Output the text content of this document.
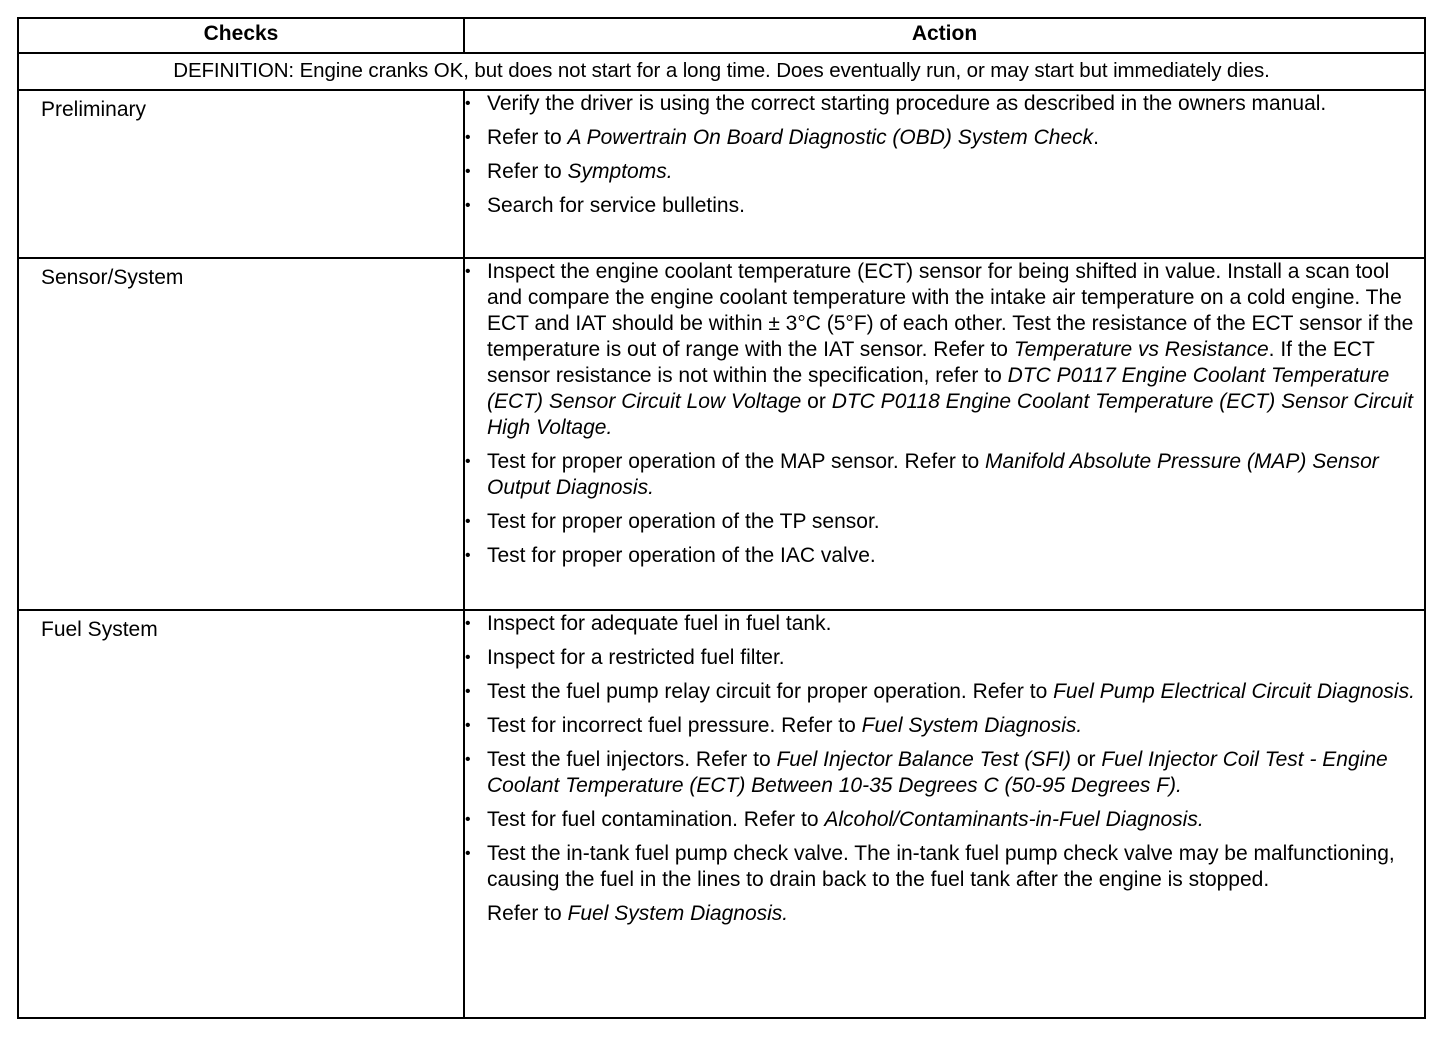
Checks	Action
DEFINITION: Engine cranks OK, but does not start for a long time. Does eventually run, or may start but immediately dies.	

Preliminary	• Verify the driver is using the correct starting procedure as described in the owners manual.
• Refer to A Powertrain On Board Diagnostic (OBD) System Check.
• Refer to Symptoms.
• Search for service bulletins.

Sensor/System	• Inspect the engine coolant temperature (ECT) sensor for being shifted in value. Install a scan tool and compare the engine coolant temperature with the intake air temperature on a cold engine. The ECT and IAT should be within ± 3°C (5°F) of each other. Test the resistance of the ECT sensor if the temperature is out of range with the IAT sensor. Refer to Temperature vs Resistance. If the ECT sensor resistance is not within the specification, refer to DTC P0117 Engine Coolant Temperature (ECT) Sensor Circuit Low Voltage or DTC P0118 Engine Coolant Temperature (ECT) Sensor Circuit High Voltage.
• Test for proper operation of the MAP sensor. Refer to Manifold Absolute Pressure (MAP) Sensor Output Diagnosis.
• Test for proper operation of the TP sensor.
• Test for proper operation of the IAC valve.

Fuel System	• Inspect for adequate fuel in fuel tank.
• Inspect for a restricted fuel filter.
• Test the fuel pump relay circuit for proper operation. Refer to Fuel Pump Electrical Circuit Diagnosis.
• Test for incorrect fuel pressure. Refer to Fuel System Diagnosis.
• Test the fuel injectors. Refer to Fuel Injector Balance Test (SFI) or Fuel Injector Coil Test - Engine Coolant Temperature (ECT) Between 10-35 Degrees C (50-95 Degrees F).
• Test for fuel contamination. Refer to Alcohol/Contaminants-in-Fuel Diagnosis.
• Test the in-tank fuel pump check valve. The in-tank fuel pump check valve may be malfunctioning, causing the fuel in the lines to drain back to the fuel tank after the engine is stopped.
Refer to Fuel System Diagnosis.
